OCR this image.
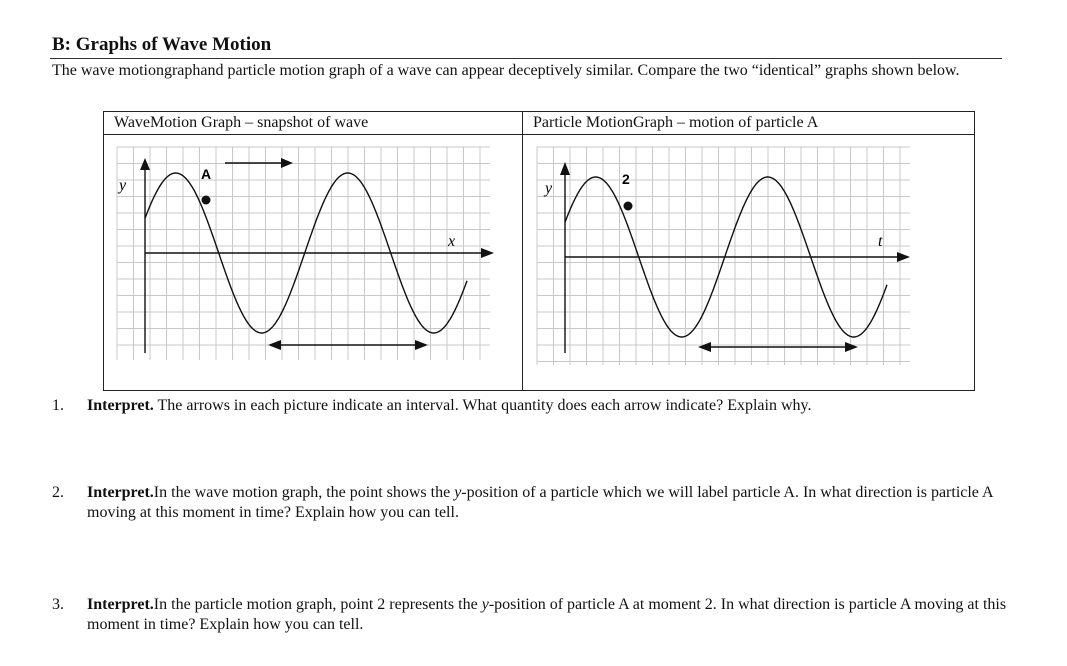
B: Graphs of Wave Motion
The wave motiongraphand particle motion graph of a wave can appear deceptively similar. Compare the two “identical” graphs shown below.
WaveMotion Graph – snapshot of wave	Particle MotionGraph – motion of particle A
y
x
A
y
t
2
1. Interpret. The arrows in each picture indicate an interval. What quantity does each arrow indicate? Explain why.
2. Interpret.In the wave motion graph, the point shows the y-position of a particle which we will label particle A. In what direction is particle A moving at this moment in time? Explain how you can tell.
3. Interpret.In the particle motion graph, point 2 represents the y-position of particle A at moment 2. In what direction is particle A moving at this moment in time? Explain how you can tell.
